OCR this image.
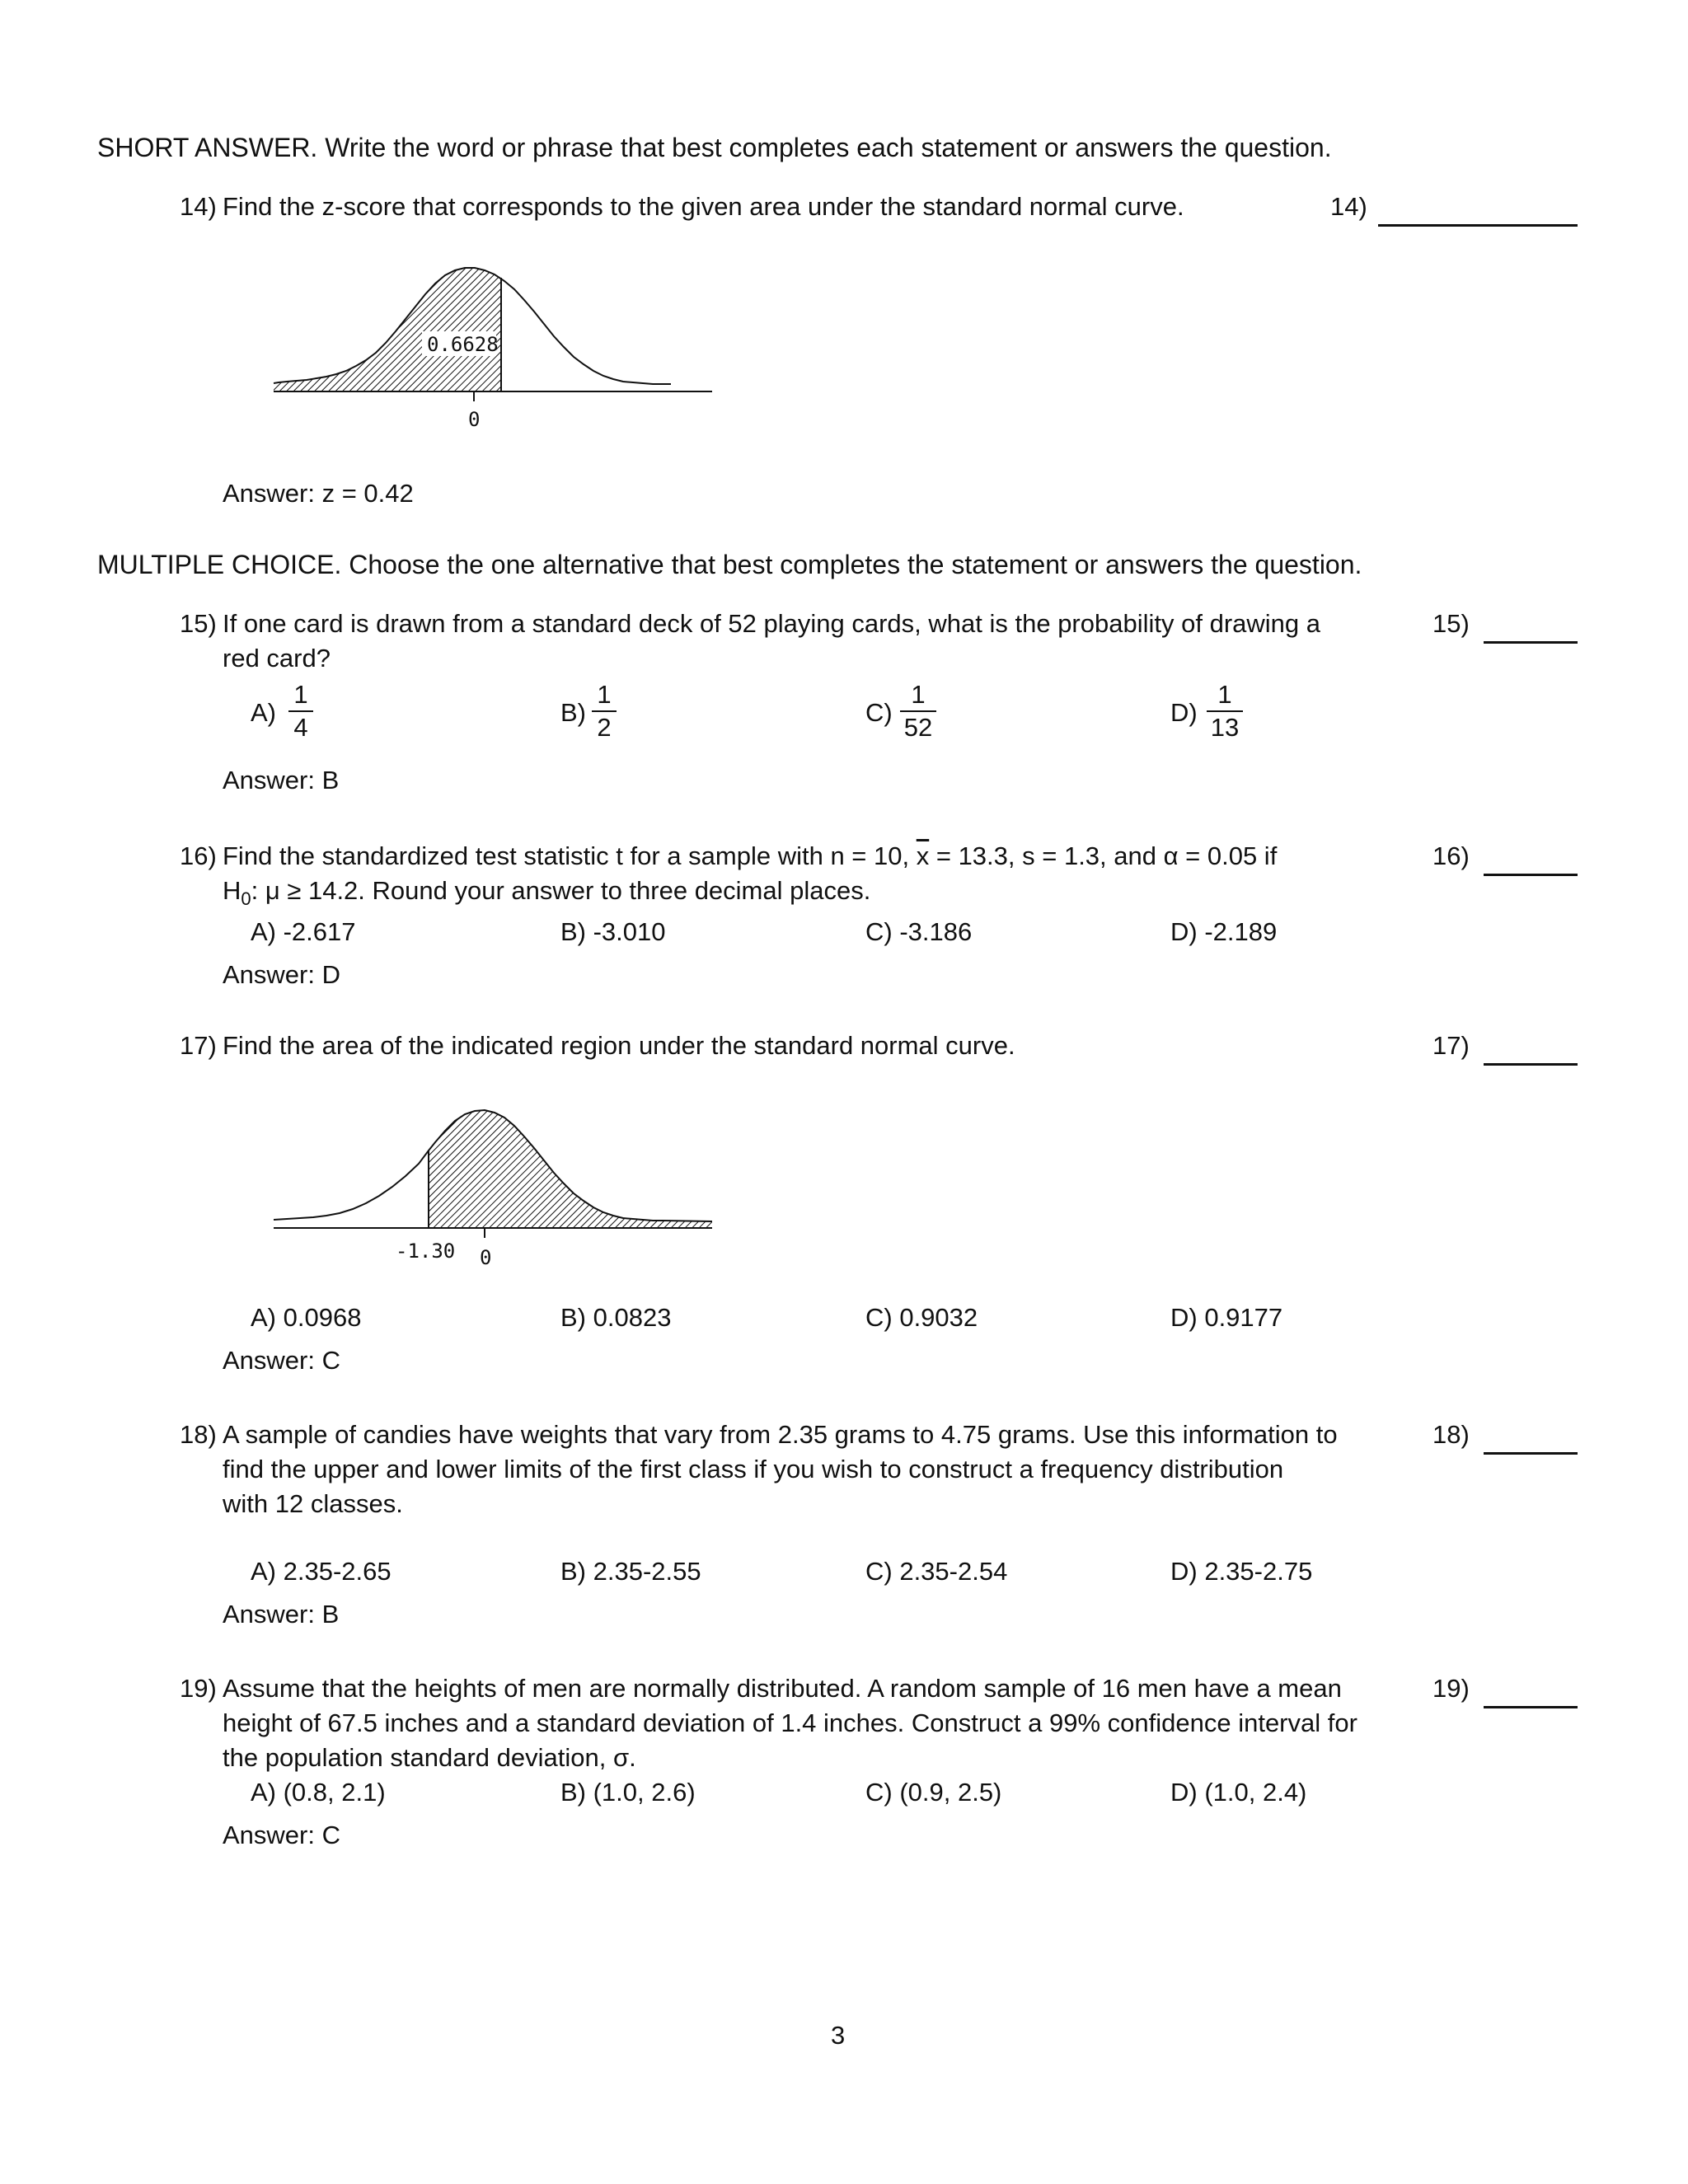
SHORT ANSWER. Write the word or phrase that best completes each statement or answers the question.
14) Find the z-score that corresponds to the given area under the standard normal curve.	14)
0.6628
0
Answer: z = 0.42
MULTIPLE CHOICE. Choose the one alternative that best completes the statement or answers the question.
15) If one card is drawn from a standard deck of 52 playing cards, what is the probability of drawing a
red card?
15)
A)
1
4
B)
1
2
C)
1
52
D)
1
13
Answer: B
16) Find the standardized test statistic t for a sample with n = 10, $\overline{x} = 13.3$, s = 1.3, and α = 0.05 if
$H_0$: μ ≥ 14.2. Round your answer to three decimal places.
16)
A) -2.617	B) -3.010	C) -3.186	D) -2.189
Answer: D
17) Find the area of the indicated region under the standard normal curve.	17)
-1.30 0
A) 0.0968	B) 0.0823	C) 0.9032	D) 0.9177
Answer: C
18) A sample of candies have weights that vary from 2.35 grams to 4.75 grams. Use this information to
find the upper and lower limits of the first class if you wish to construct a frequency distribution
with 12 classes.
18)
A) 2.35-2.65	B) 2.35-2.55	C) 2.35-2.54	D) 2.35-2.75
Answer: B
19) Assume that the heights of men are normally distributed. A random sample of 16 men have a mean
height of 67.5 inches and a standard deviation of 1.4 inches. Construct a 99% confidence interval for
the population standard deviation, σ.
19)
A) (0.8, 2.1)	B) (1.0, 2.6)	C) (0.9, 2.5)	D) (1.0, 2.4)
Answer: C
3
